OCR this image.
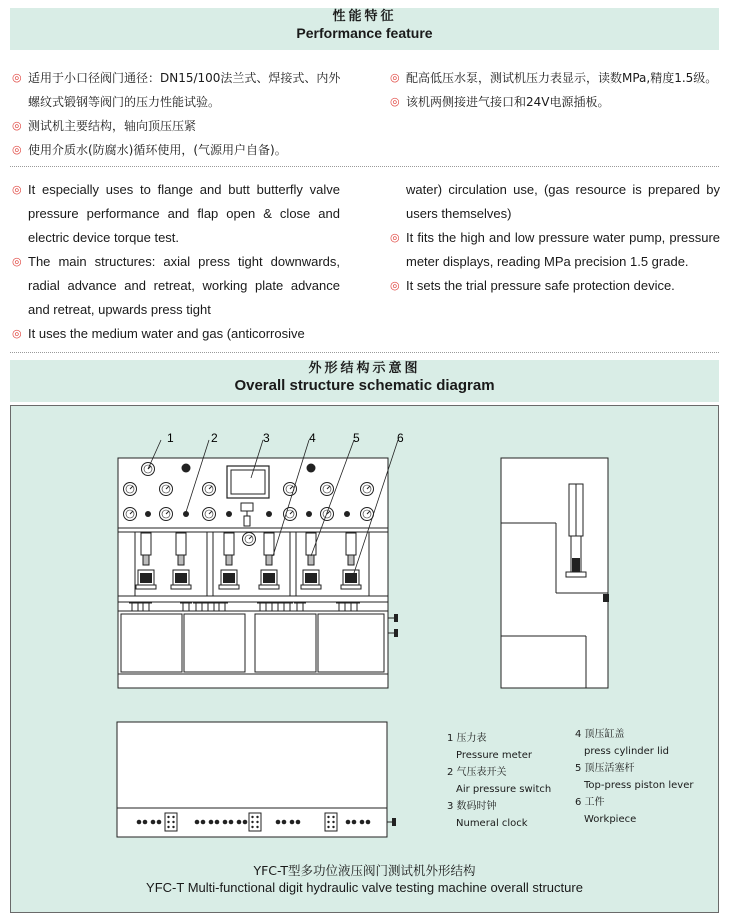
性能特征
Performance feature
◎ 适用于小口径阀门通径：DN15/100法兰式、焊接式、内外螺纹式锻钢等阀门的压力性能试验。
◎ 测试机主要结构，轴向顶压压紧
◎ 使用介质水(防腐水)循环使用，(气源用户自备)。
◎ 配高低压水泵，测试机压力表显示，读数MPa,精度1.5级。
◎ 该机两侧接进气接口和24V电源插板。
◎ It especially uses to flange and butt butterfly valve pressure performance and flap open & close and electric device torque test.
◎ The main structures: axial press tight downwards, radial advance and retreat, working plate advance and retreat, upwards press tight
◎ It uses the medium water and gas (anticorrosive
water) circulation use, (gas resource is prepared by users themselves)
◎ It fits the high and low pressure water pump, pressure meter displays, reading MPa precision 1.5 grade.
◎ It sets the trial pressure safe protection device.
外形结构示意图
Overall structure schematic diagram
1	2	3	4	5	6
1 压力表
Pressure meter
2 气压表开关
Air pressure switch
3 数码时钟
Numeral clock
4 顶压缸盖
press cylinder lid
5 顶压活塞杆
Top-press piston lever
6 工件
Workpiece
YFC-T型多功位液压阀门测试机外形结构
YFC-T Multi-functional digit hydraulic valve testing machine overall structure
